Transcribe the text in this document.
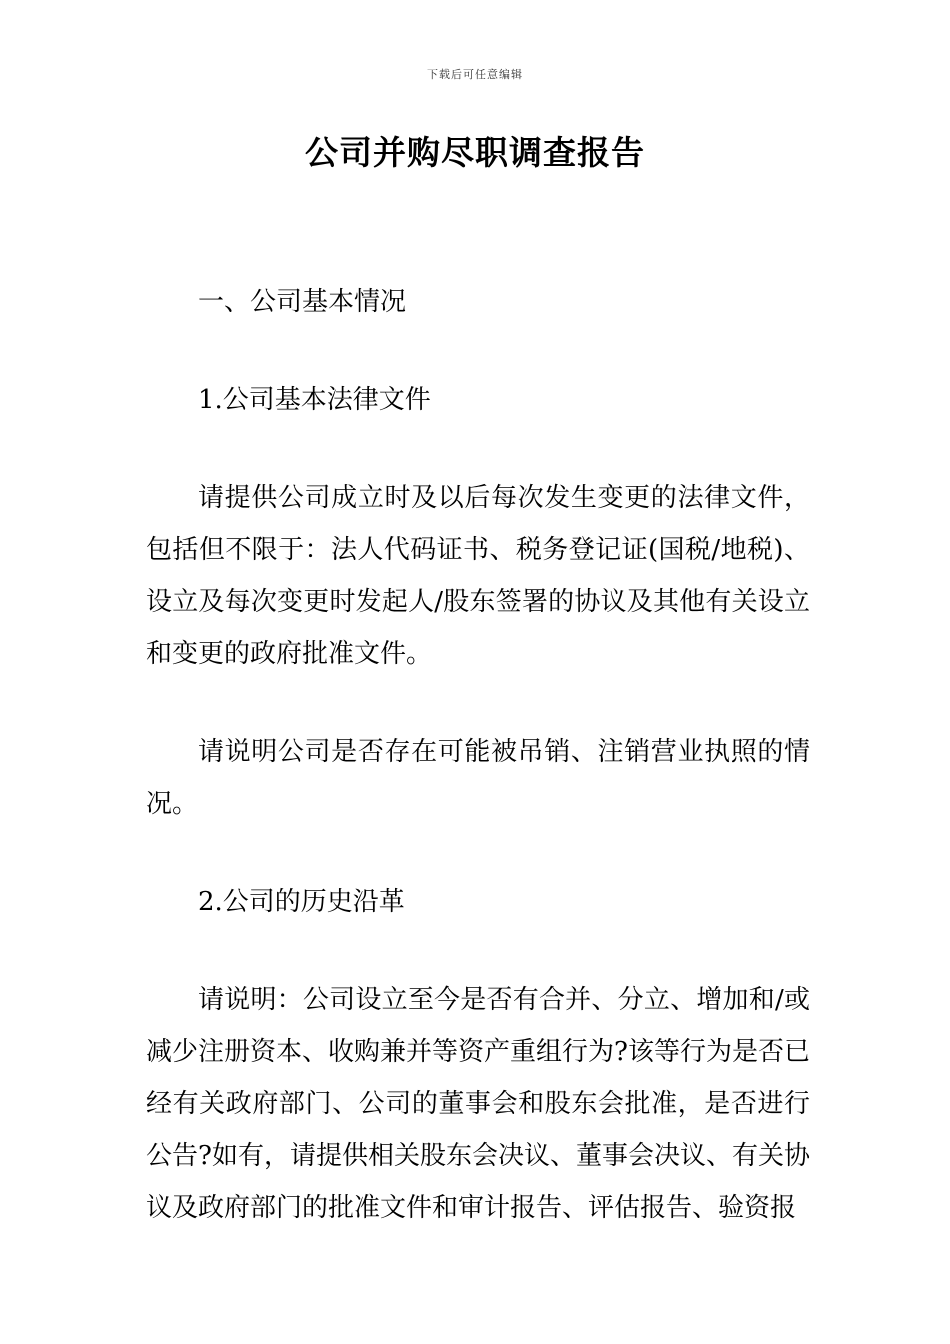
下载后可任意编辑
公司并购尽职调查报告

一、公司基本情况

1.公司基本法律文件

请提供公司成立时及以后每次发生变更的法律文件，包括但不限于：法人代码证书、税务登记证(国税/地税)、设立及每次变更时发起人/股东签署的协议及其他有关设立和变更的政府批准文件。

请说明公司是否存在可能被吊销、注销营业执照的情况。

2.公司的历史沿革

请说明：公司设立至今是否有合并、分立、增加和/或减少注册资本、收购兼并等资产重组行为?该等行为是否已经有关政府部门、公司的董事会和股东会批准，是否进行公告?如有，请提供相关股东会决议、董事会决议、有关协议及政府部门的批准文件和审计报告、评估报告、验资报
